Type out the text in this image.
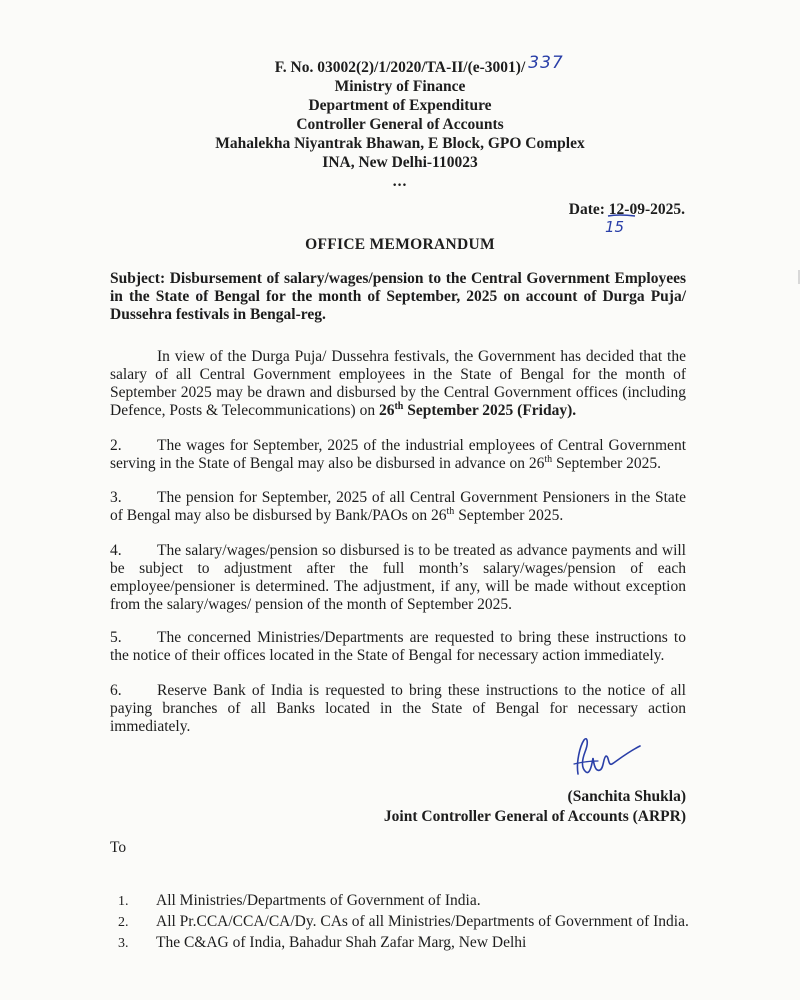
F. No. 03002(2)/1/2020/TA-II/(e-3001)/ 337
Ministry of Finance
Department of Expenditure
Controller General of Accounts
Mahalekha Niyantrak Bhawan, E Block, GPO Complex
INA, New Delhi-110023
...
Date: 12-09-2025.
15
OFFICE MEMORANDUM
Subject: Disbursement of salary/wages/pension to the Central Government Employees in the State of Bengal for the month of September, 2025 on account of Durga Puja/ Dussehra festivals in Bengal-reg.
In view of the Durga Puja/ Dussehra festivals, the Government has decided that the salary of all Central Government employees in the State of Bengal for the month of September 2025 may be drawn and disbursed by the Central Government offices (including Defence, Posts & Telecommunications) on 26th September 2025 (Friday).
2. The wages for September, 2025 of the industrial employees of Central Government serving in the State of Bengal may also be disbursed in advance on 26th September 2025.
3. The pension for September, 2025 of all Central Government Pensioners in the State of Bengal may also be disbursed by Bank/PAOs on 26th September 2025.
4. The salary/wages/pension so disbursed is to be treated as advance payments and will be subject to adjustment after the full month’s salary/wages/pension of each employee/pensioner is determined. The adjustment, if any, will be made without exception from the salary/wages/ pension of the month of September 2025.
5. The concerned Ministries/Departments are requested to bring these instructions to the notice of their offices located in the State of Bengal for necessary action immediately.
6. Reserve Bank of India is requested to bring these instructions to the notice of all paying branches of all Banks located in the State of Bengal for necessary action immediately.
(Sanchita Shukla)
Joint Controller General of Accounts (ARPR)
To
1. All Ministries/Departments of Government of India.
2. All Pr.CCA/CCA/CA/Dy. CAs of all Ministries/Departments of Government of India.
3. The C&AG of India, Bahadur Shah Zafar Marg, New Delhi
